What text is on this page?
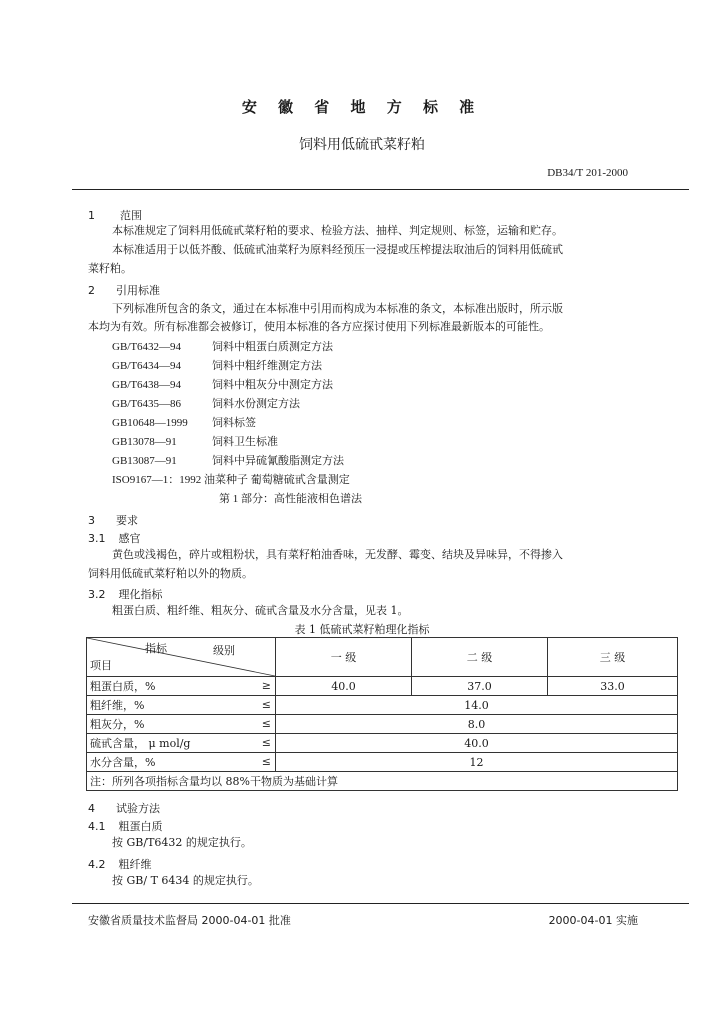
安 徽 省 地 方 标 准
饲料用低硫甙菜籽粕
DB34/T 201-2000
1 范围
本标准规定了饲料用低硫甙菜籽粕的要求、检验方法、抽样、判定规则、标签，运输和贮存。
本标准适用于以低芥酸、低硫甙油菜籽为原料经预压一浸提或压榨提法取油后的饲料用低硫甙
菜籽粕。
2 引用标准
下列标准所包含的条文，通过在本标准中引用而构成为本标准的条文，本标准出版时，所示版
本均为有效。所有标准都会被修订，使用本标准的各方应探讨使用下列标准最新版本的可能性。
GB/T6432—94	饲料中粗蛋白质测定方法
GB/T6434—94	饲料中粗纤维测定方法
GB/T6438—94	饲料中粗灰分中测定方法
GB/T6435—86	饲料水份测定方法
GB10648—1999 饲料标签
GB13078—91	饲料卫生标准
GB13087—91	饲料中异硫氰酸脂测定方法
ISO9167—1：1992 油菜种子 葡萄糖硫甙含量测定
第 1 部分：高性能液相色谱法
3 要求
3.1 感官
黄色或浅褐色，碎片或粗粉状，具有菜籽粕油香味，无发酵、霉变、结块及异味异，不得掺入
饲料用低硫甙菜籽粕以外的物质。
3.2 理化指标
粗蛋白质、粗纤维、粗灰分、硫甙含量及水分含量，见表 1。
表 1 低硫甙菜籽粕理化指标
指标 级别
项目	一 级	二 级	三 级
粗蛋白质，% ≥	40.0	37.0	33.0
粗纤维，% ≤	14.0		
粗灰分，% ≤	8.0		
硫甙含量， μ mol/g ≤	40.0		
水分含量，% ≤	12		
注：所列各项指标含量均以 88%干物质为基础计算			
4 试验方法
4.1 粗蛋白质
按 GB/T6432 的规定执行。
4.2 粗纤维
按 GB/ T 6434 的规定执行。
安徽省质量技术监督局 2000-04-01 批准	2000-04-01 实施
